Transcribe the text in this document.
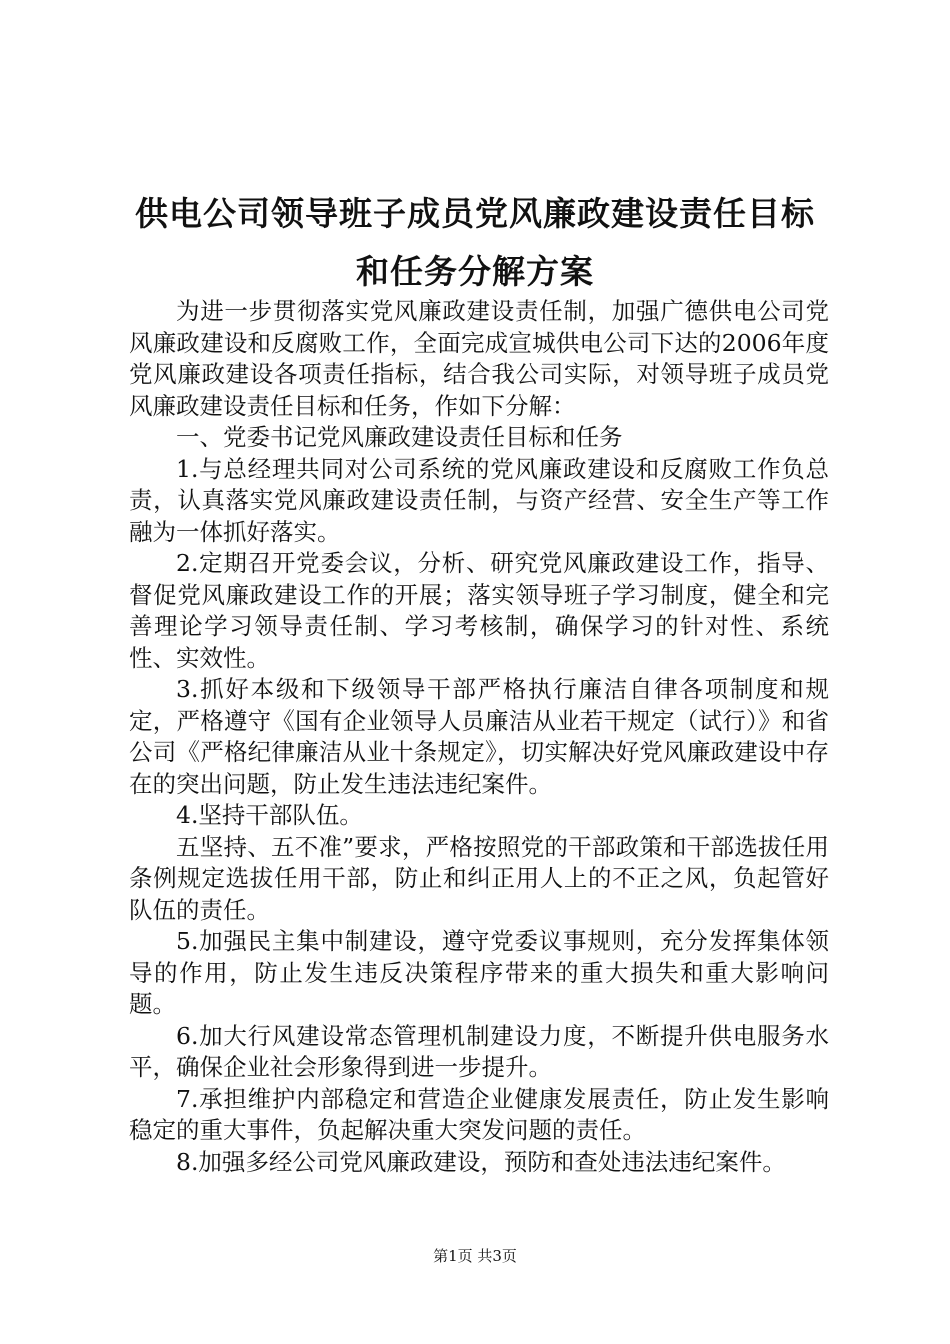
供电公司领导班子成员党风廉政建设责任目标
和任务分解方案

为进一步贯彻落实党风廉政建设责任制，加强广德供电公司党风廉政建设和反腐败工作，全面完成宣城供电公司下达的2006年度党风廉政建设各项责任指标，结合我公司实际，对领导班子成员党风廉政建设责任目标和任务，作如下分解：

一、党委书记党风廉政建设责任目标和任务

1.与总经理共同对公司系统的党风廉政建设和反腐败工作负总责，认真落实党风廉政建设责任制，与资产经营、安全生产等工作融为一体抓好落实。

2.定期召开党委会议，分析、研究党风廉政建设工作，指导、督促党风廉政建设工作的开展；落实领导班子学习制度，健全和完善理论学习领导责任制、学习考核制，确保学习的针对性、系统性、实效性。

3.抓好本级和下级领导干部严格执行廉洁自律各项制度和规定，严格遵守《国有企业领导人员廉洁从业若干规定（试行）》和省公司《严格纪律廉洁从业十条规定》，切实解决好党风廉政建设中存在的突出问题，防止发生违法违纪案件。

4.坚持干部队伍。

五坚持、五不准”要求，严格按照党的干部政策和干部选拔任用条例规定选拔任用干部，防止和纠正用人上的不正之风，负起管好队伍的责任。

5.加强民主集中制建设，遵守党委议事规则，充分发挥集体领导的作用，防止发生违反决策程序带来的重大损失和重大影响问题。

6.加大行风建设常态管理机制建设力度，不断提升供电服务水平，确保企业社会形象得到进一步提升。

7.承担维护内部稳定和营造企业健康发展责任，防止发生影响稳定的重大事件，负起解决重大突发问题的责任。

8.加强多经公司党风廉政建设，预防和查处违法违纪案件。

第1页 共3页
